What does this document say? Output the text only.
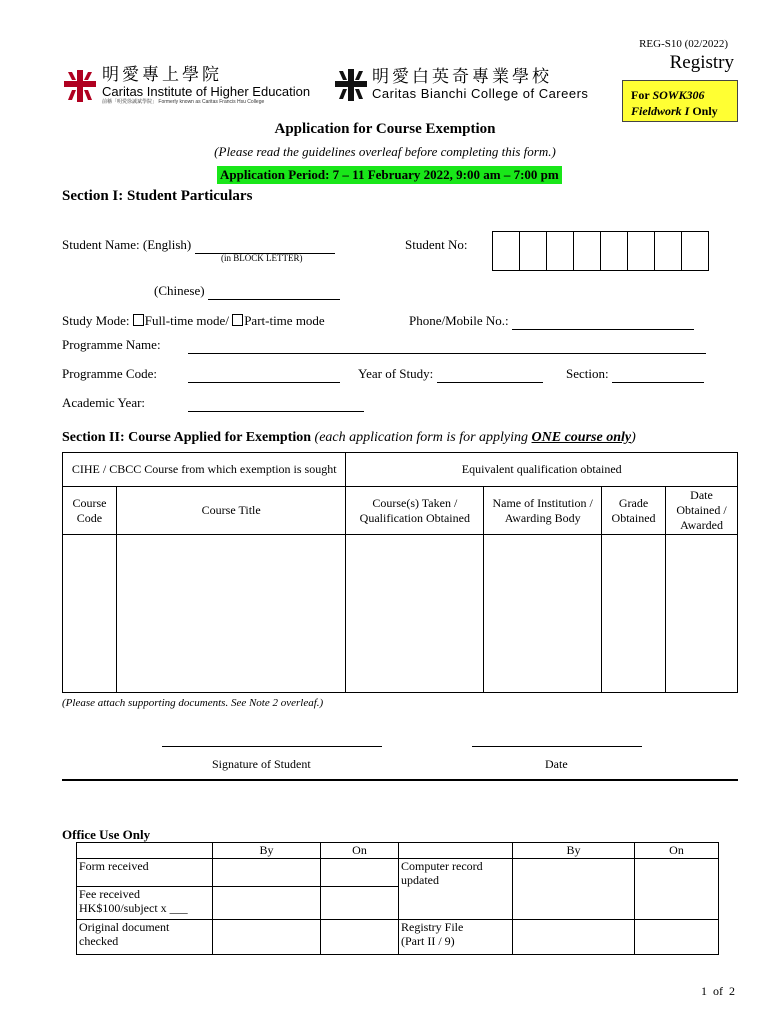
REG-S10 (02/2022)
Registry
For SOWK306
Fieldwork I Only
明愛專上學院
Caritas Institute of Higher Education
前稱「明愛徐誠斌學院」 Formerly known as Caritas Francis Hsu College
明愛白英奇專業學校
Caritas Bianchi College of Careers
Application for Course Exemption
(Please read the guidelines overleaf before completing this form.)
Application Period: 7 – 11 February 2022, 9:00 am – 7:00 pm
Section I: Student Particulars
Student Name: (English)
(in BLOCK LETTER)
Student No:
(Chinese)
Study Mode: Full-time mode/ Part-time mode	Phone/Mobile No.:
Programme Name:

Programme Code:
	Year of Study:	Section:
Academic Year:

Section II: Course Applied for Exemption (each application form is for applying ONE course only)
CIHE / CBCC Course from which exemption is sought		Equivalent qualification obtained			
Course Code	Course Title	Course(s) Taken / Qualification Obtained	Name of Institution / Awarding Body	Grade Obtained	Date Obtained / Awarded

(Please attach supporting documents. See Note 2 overleaf.)
Signature of Student	Date
Office Use Only
	By	On		By	On
Form received			Computer record
updated		
Fee received
HK$100/subject x ___					
Original document
checked			Registry File
(Part II / 9)		
1  of  2
